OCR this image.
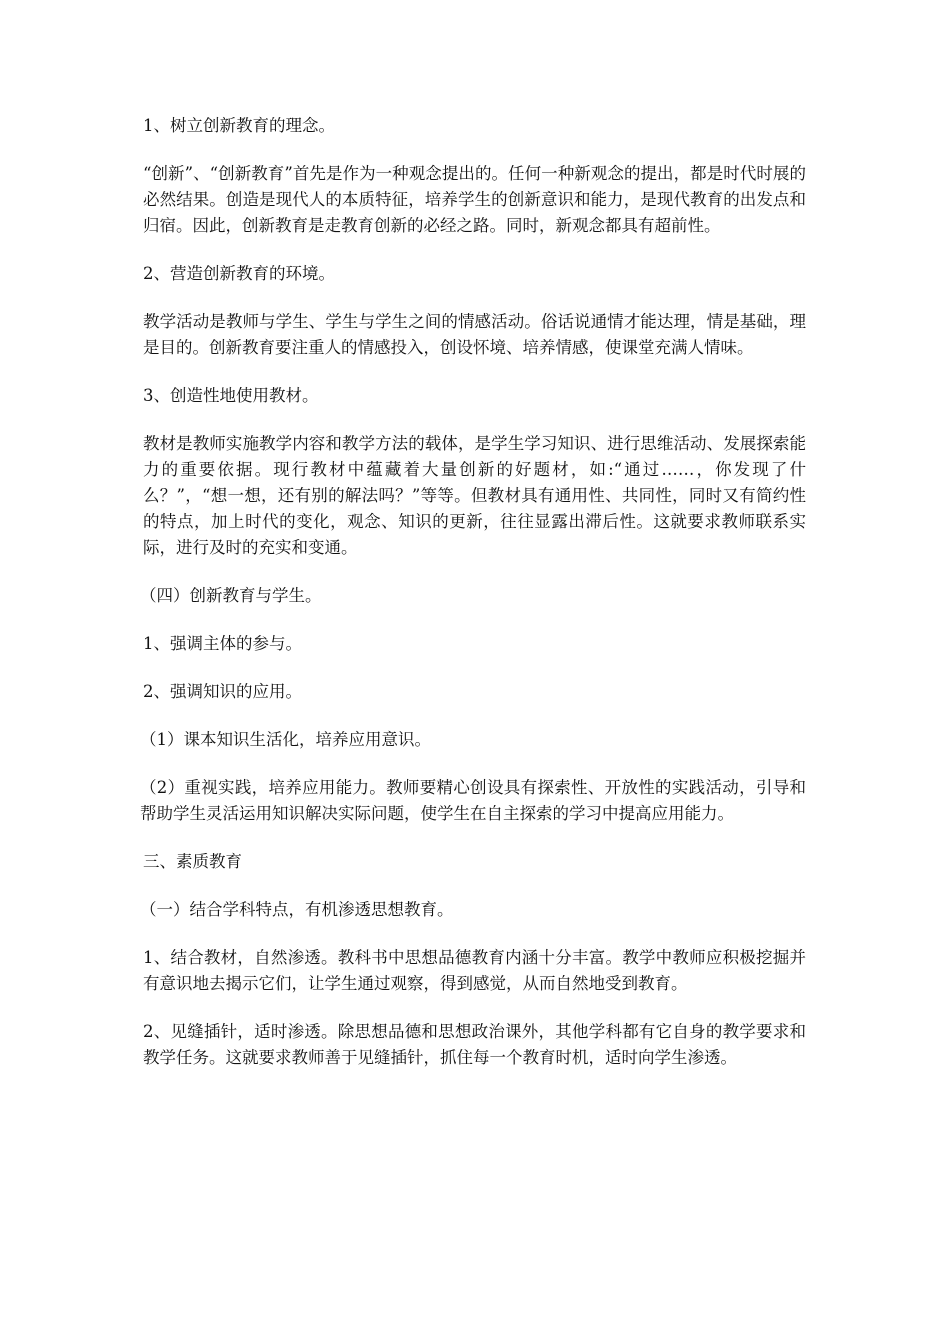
1、树立创新教育的理念。

“创新”、“创新教育”首先是作为一种观念提出的。任何一种新观念的提出，都是时代时展的必然结果。创造是现代人的本质特征，培养学生的创新意识和能力，是现代教育的出发点和归宿。因此，创新教育是走教育创新的必经之路。同时，新观念都具有超前性。

2、营造创新教育的环境。

教学活动是教师与学生、学生与学生之间的情感活动。俗话说通情才能达理，情是基础，理是目的。创新教育要注重人的情感投入，创设怀境、培养情感，使课堂充满人情味。

3、创造性地使用教材。

教材是教师实施教学内容和教学方法的载体，是学生学习知识、进行思维活动、发展探索能力的重要依据。现行教材中蕴藏着大量创新的好题材，如:“通过……，你发现了什么？”，“想一想，还有别的解法吗？”等等。但教材具有通用性、共同性，同时又有简约性的特点，加上时代的变化，观念、知识的更新，往往显露出滞后性。这就要求教师联系实际，进行及时的充实和变通。

（四）创新教育与学生。

1、强调主体的参与。

2、强调知识的应用。

（1）课本知识生活化，培养应用意识。

（2）重视实践，培养应用能力。教师要精心创设具有探索性、开放性的实践活动，引导和帮助学生灵活运用知识解决实际问题，使学生在自主探索的学习中提高应用能力。

三、素质教育

（一）结合学科特点，有机渗透思想教育。

1、结合教材，自然渗透。教科书中思想品德教育内涵十分丰富。教学中教师应积极挖掘并有意识地去揭示它们，让学生通过观察，得到感觉，从而自然地受到教育。

2、见缝插针，适时渗透。除思想品德和思想政治课外，其他学科都有它自身的教学要求和教学任务。这就要求教师善于见缝插针，抓住每一个教育时机，适时向学生渗透。
